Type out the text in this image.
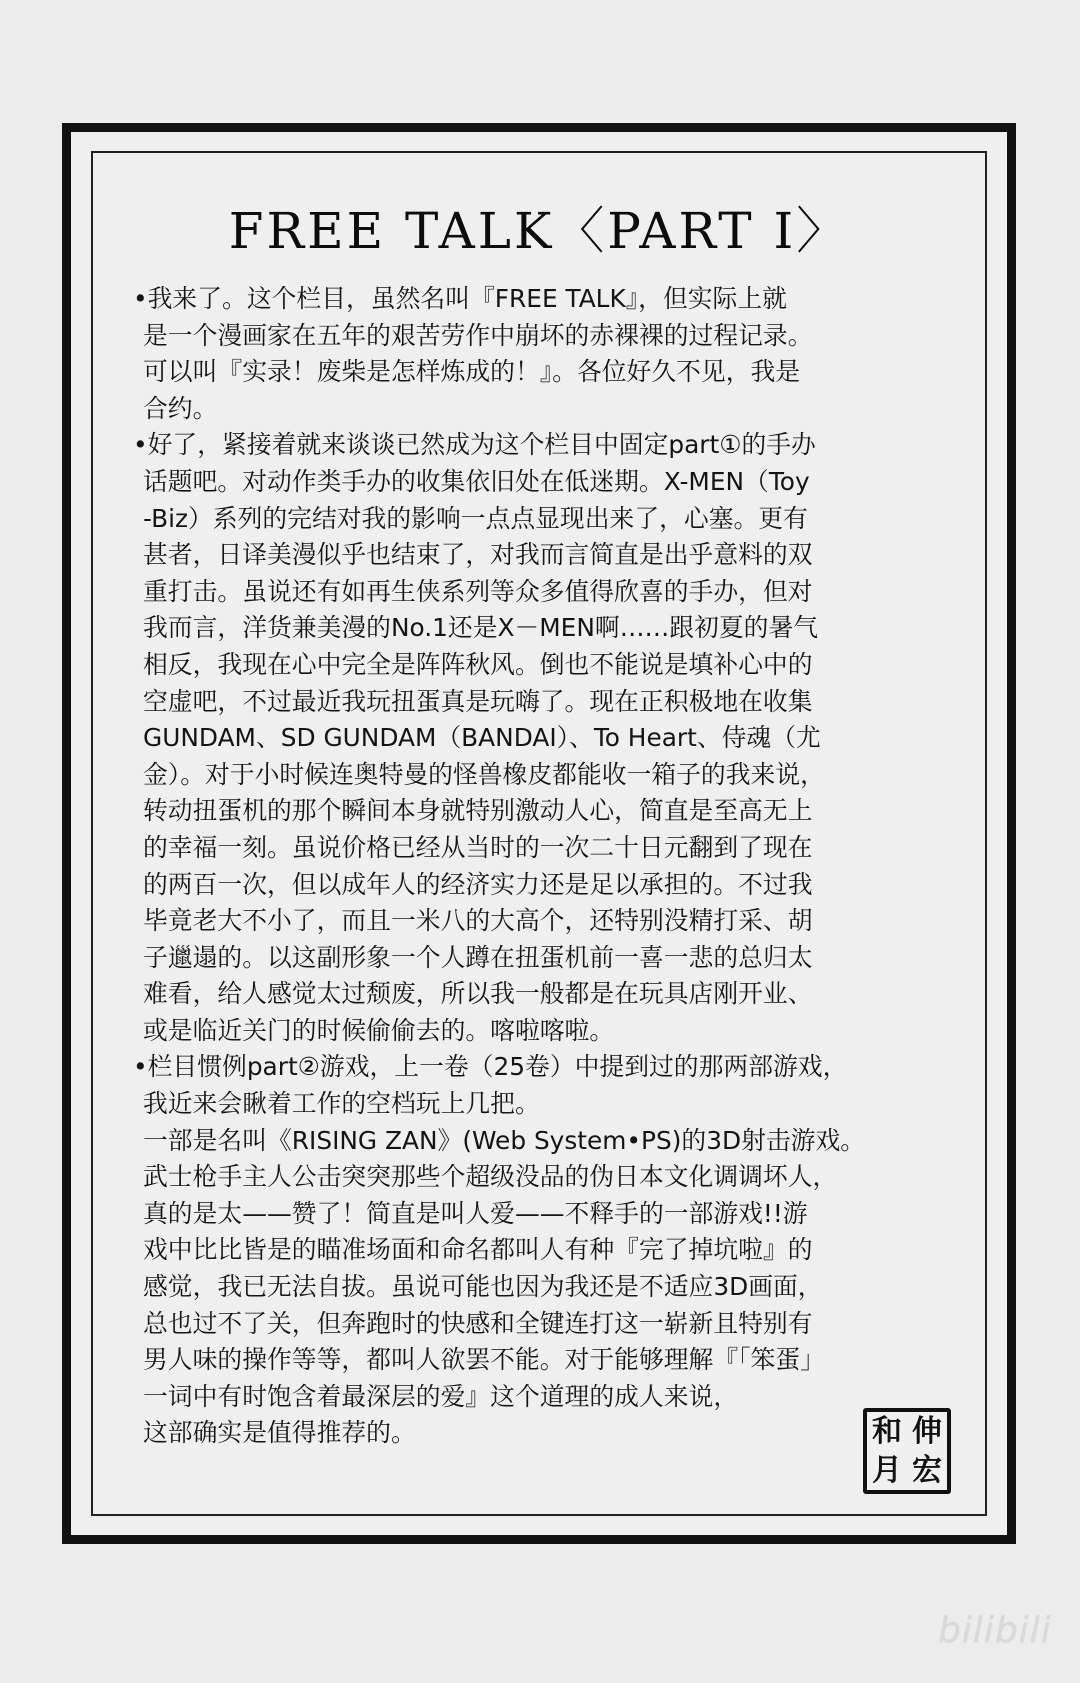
FREE TALK〈PART Ⅰ〉
•我来了。这个栏目，虽然名叫『FREE TALK』，但实际上就
是一个漫画家在五年的艰苦劳作中崩坏的赤裸裸的过程记录。
可以叫『实录！废柴是怎样炼成的！』。各位好久不见，我是
合约。
•好了，紧接着就来谈谈已然成为这个栏目中固定part①的手办
话题吧。对动作类手办的收集依旧处在低迷期。X-MEN（Toy
-Biz）系列的完结对我的影响一点点显现出来了，心塞。更有
甚者，日译美漫似乎也结束了，对我而言简直是出乎意料的双
重打击。虽说还有如再生侠系列等众多值得欣喜的手办，但对
我而言，洋货兼美漫的No.1还是X－MEN啊……跟初夏的暑气
相反，我现在心中完全是阵阵秋风。倒也不能说是填补心中的
空虚吧，不过最近我玩扭蛋真是玩嗨了。现在正积极地在收集
GUNDAM、SD GUNDAM（BANDAI）、To Heart、侍魂（尤
金）。对于小时候连奥特曼的怪兽橡皮都能收一箱子的我来说，
转动扭蛋机的那个瞬间本身就特别激动人心，简直是至高无上
的幸福一刻。虽说价格已经从当时的一次二十日元翻到了现在
的两百一次，但以成年人的经济实力还是足以承担的。不过我
毕竟老大不小了，而且一米八的大高个，还特别没精打采、胡
子邋遢的。以这副形象一个人蹲在扭蛋机前一喜一悲的总归太
难看，给人感觉太过颓废，所以我一般都是在玩具店刚开业、
或是临近关门的时候偷偷去的。喀啦喀啦。
•栏目惯例part②游戏，上一卷（25卷）中提到过的那两部游戏，
我近来会瞅着工作的空档玩上几把。
一部是名叫《RISING ZAN》(Web System•PS)的3D射击游戏。
武士枪手主人公击突突那些个超级没品的伪日本文化调调坏人，
真的是太——赞了！简直是叫人爱——不释手的一部游戏!!游
戏中比比皆是的瞄准场面和命名都叫人有种『完了掉坑啦』的
感觉，我已无法自拔。虽说可能也因为我还是不适应3D画面，
总也过不了关，但奔跑时的快感和全键连打这一崭新且特别有
男人味的操作等等，都叫人欲罢不能。对于能够理解『「笨蛋」
一词中有时饱含着最深层的爱』这个道理的成人来说，
这部确实是值得推荐的。	和 伸
月 宏
bilibili
